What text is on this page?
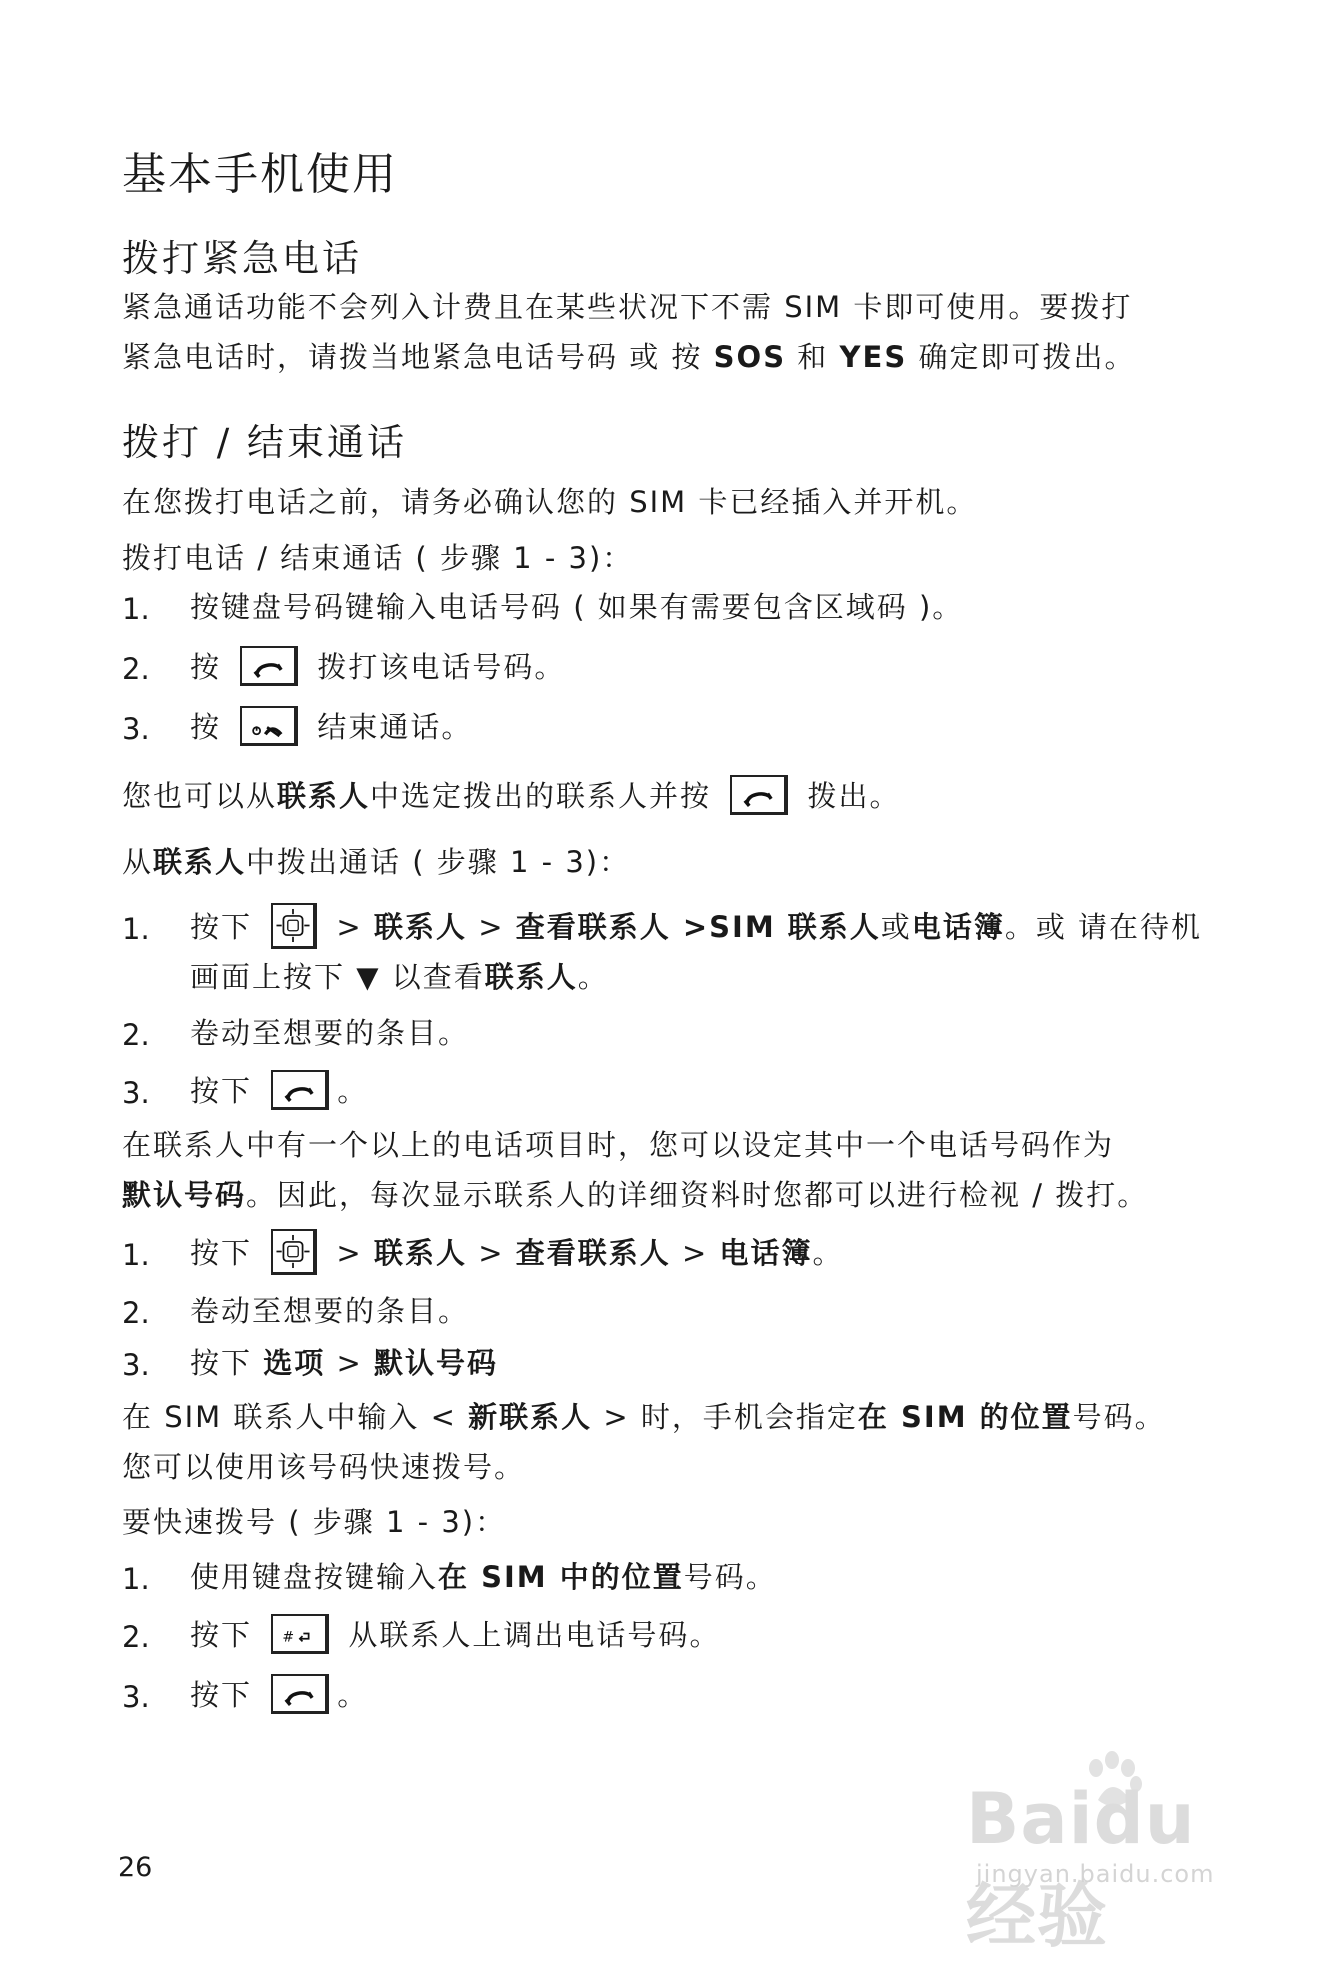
基本手机使用
拨打紧急电话
紧急通话功能不会列入计费且在某些状况下不需 SIM 卡即可使用。要拨打
紧急电话时，请拨当地紧急电话号码 或 按 SOS 和 YES 确定即可拨出。
拨打 / 结束通话
在您拨打电话之前，请务必确认您的 SIM 卡已经插入并开机。
拨打电话 / 结束通话 ( 步骤 1 - 3)：
1. 按键盘号码键输入电话号码 ( 如果有需要包含区域码 )。
2. 按	拨打该电话号码。
3. 按	结束通话。
您也可以从联系人中选定拨出的联系人并按	拨出。
从联系人中拨出通话 ( 步骤 1 - 3)：
1. 按下
> 联系人 > 查看联系人 >SIM 联系人或电话簿。或 请在待机
画面上按下 ▼ 以查看联系人。
2. 卷动至想要的条目。
3. 按下	。
在联系人中有一个以上的电话项目时，您可以设定其中一个电话号码作为
默认号码。因此，每次显示联系人的详细资料时您都可以进行检视 / 拨打。
1. 按下
> 联系人 > 查看联系人 > 电话簿。
2. 卷动至想要的条目。
3. 按下 选项 > 默认号码
在 SIM 联系人中输入 < 新联系人 > 时，手机会指定在 SIM 的位置号码。
您可以使用该号码快速拨号。
要快速拨号 ( 步骤 1 - 3)：
1. 使用键盘按键输入在 SIM 中的位置号码。
2. 按下 # 从联系人上调出电话号码。
3. 按下	。
26
Baidu 经验
jingyan.baidu.com
